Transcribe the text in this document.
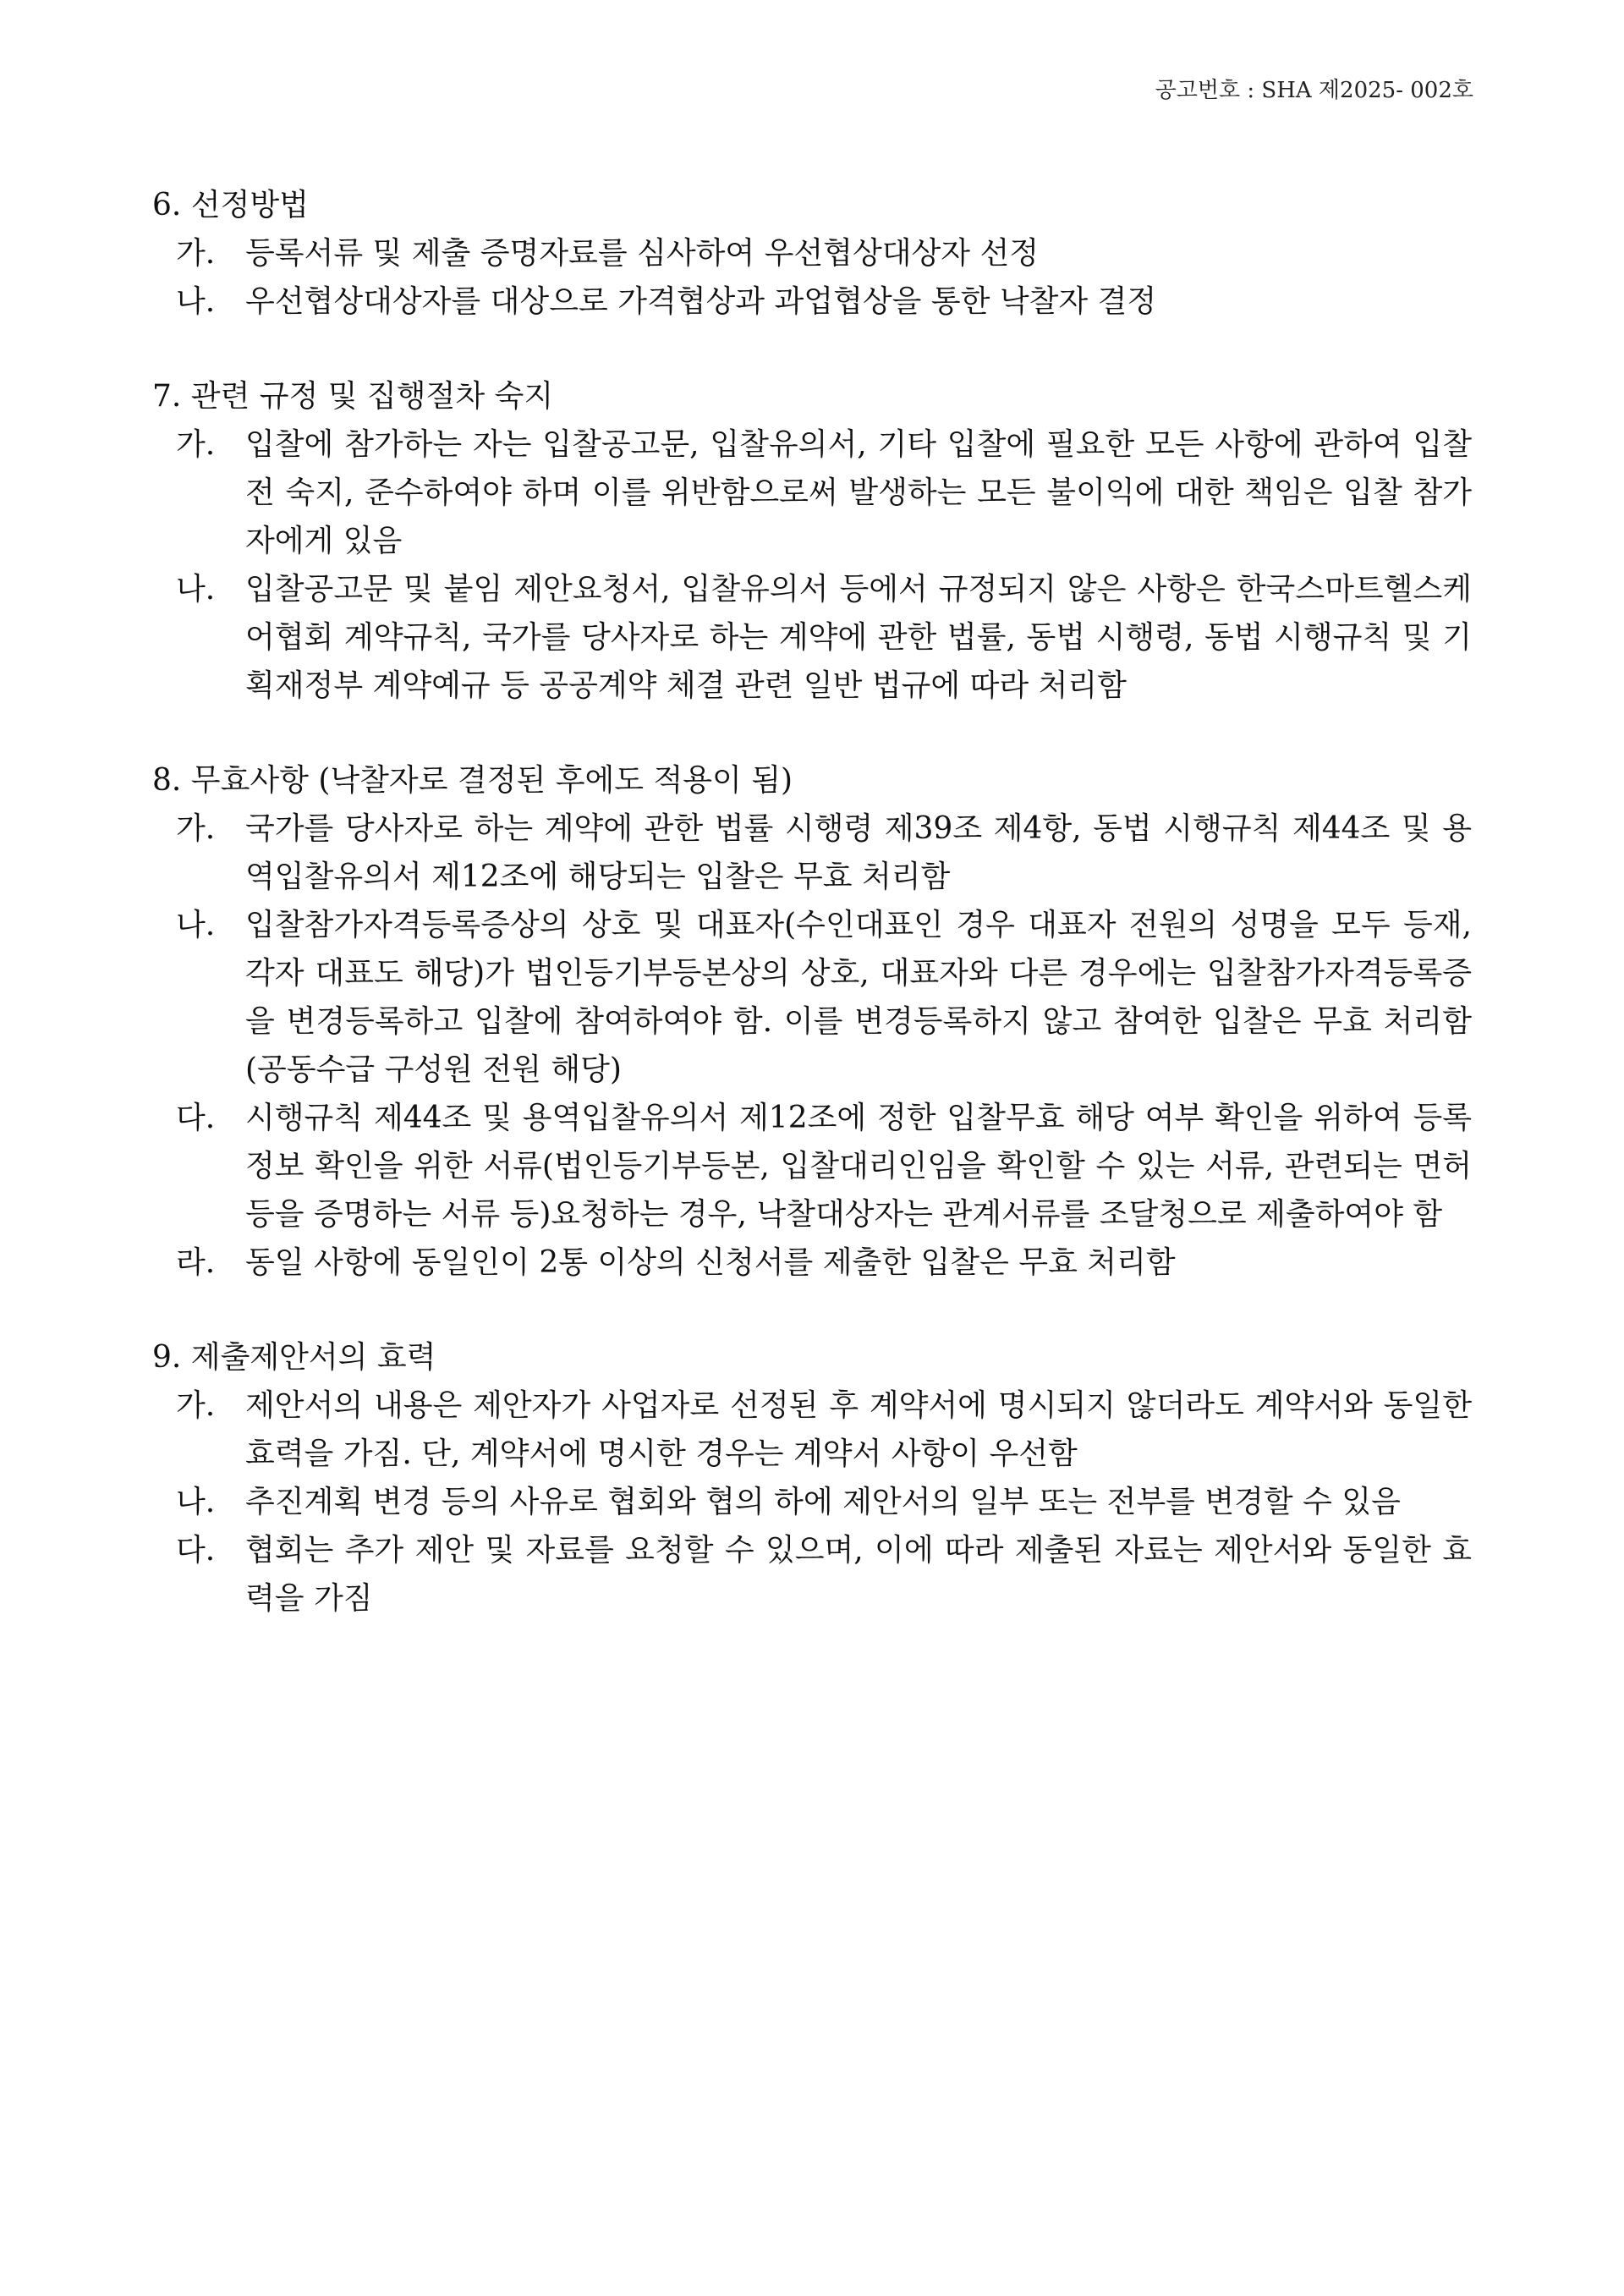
공고번호 : SHA 제2025- 002호
6. 선정방법
가. 등록서류 및 제출 증명자료를 심사하여 우선협상대상자 선정
나. 우선협상대상자를 대상으로 가격협상과 과업협상을 통한 낙찰자 결정
7. 관련 규정 및 집행절차 숙지
가. 입찰에 참가하는 자는 입찰공고문, 입찰유의서, 기타 입찰에 필요한 모든 사항에 관하여 입찰 전 숙지, 준수하여야 하며 이를 위반함으로써 발생하는 모든 불이익에 대한 책임은 입찰 참가자에게 있음
나. 입찰공고문 및 붙임 제안요청서, 입찰유의서 등에서 규정되지 않은 사항은 한국스마트헬스케어협회 계약규칙, 국가를 당사자로 하는 계약에 관한 법률, 동법 시행령, 동법 시행규칙 및 기획재정부 계약예규 등 공공계약 체결 관련 일반 법규에 따라 처리함
8. 무효사항 (낙찰자로 결정된 후에도 적용이 됨)
가. 국가를 당사자로 하는 계약에 관한 법률 시행령 제39조 제4항, 동법 시행규칙 제44조 및 용역입찰유의서 제12조에 해당되는 입찰은 무효 처리함
나. 입찰참가자격등록증상의 상호 및 대표자(수인대표인 경우 대표자 전원의 성명을 모두 등재, 각자 대표도 해당)가 법인등기부등본상의 상호, 대표자와 다른 경우에는 입찰참가자격등록증을 변경등록하고 입찰에 참여하여야 함. 이를 변경등록하지 않고 참여한 입찰은 무효 처리함 (공동수급 구성원 전원 해당)
다. 시행규칙 제44조 및 용역입찰유의서 제12조에 정한 입찰무효 해당 여부 확인을 위하여 등록정보 확인을 위한 서류(법인등기부등본, 입찰대리인임을 확인할 수 있는 서류, 관련되는 면허 등을 증명하는 서류 등)요청하는 경우, 낙찰대상자는 관계서류를 조달청으로 제출하여야 함
라. 동일 사항에 동일인이 2통 이상의 신청서를 제출한 입찰은 무효 처리함
9. 제출제안서의 효력
가. 제안서의 내용은 제안자가 사업자로 선정된 후 계약서에 명시되지 않더라도 계약서와 동일한 효력을 가짐. 단, 계약서에 명시한 경우는 계약서 사항이 우선함
나. 추진계획 변경 등의 사유로 협회와 협의 하에 제안서의 일부 또는 전부를 변경할 수 있음
다. 협회는 추가 제안 및 자료를 요청할 수 있으며, 이에 따라 제출된 자료는 제안서와 동일한 효력을 가짐
